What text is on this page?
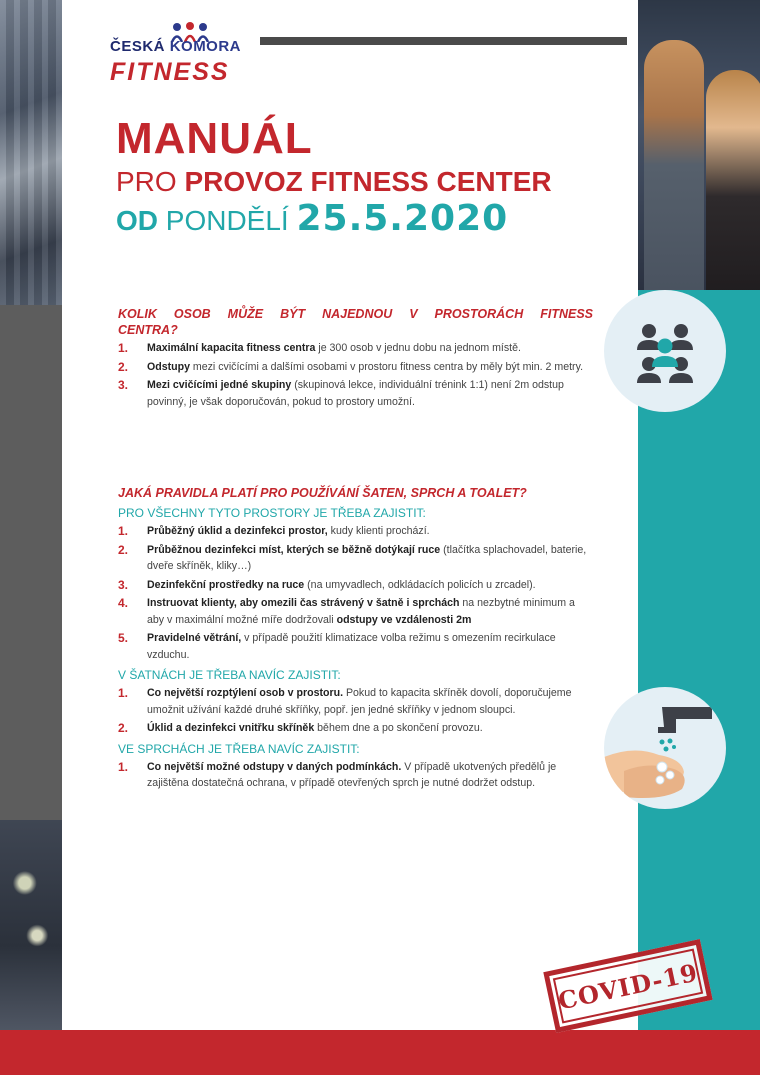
ČESKÁ KOMORA
FITNESS
MANUÁL
PRO PROVOZ FITNESS CENTER
OD PONDĚLÍ 25.5.2020
KOLIK OSOB MŮŽE BÝT NAJEDNOU V PROSTORÁCH FITNESS CENTRA?
1. Maximální kapacita fitness centra je 300 osob v jednu dobu na jednom místě.
2. Odstupy mezi cvičícími a dalšími osobami v prostoru fitness centra by měly být min. 2 metry.
3. Mezi cvičícími jedné skupiny (skupinová lekce, individuální trénink 1:1) není 2m odstup povinný, je však doporučován, pokud to prostory umožní.
JAKÁ PRAVIDLA PLATÍ PRO POUŽÍVÁNÍ ŠATEN, SPRCH A TOALET?
PRO VŠECHNY TYTO PROSTORY JE TŘEBA ZAJISTIT:
1. Průběžný úklid a dezinfekci prostor, kudy klienti prochází.
2. Průběžnou dezinfekci míst, kterých se běžně dotýkají ruce (tlačítka splachovadel, baterie, dveře skříněk, kliky…)
3. Dezinfekční prostředky na ruce (na umyvadlech, odkládacích policích u zrcadel).
4. Instruovat klienty, aby omezili čas strávený v šatně i sprchách na nezbytné minimum a aby v maximální možné míře dodržovali odstupy ve vzdálenosti 2m
5. Pravidelné větrání, v případě použití klimatizace volba režimu s omezením recirkulace vzduchu.
V ŠATNÁCH JE TŘEBA NAVÍC ZAJISTIT:
1. Co největší rozptýlení osob v prostoru. Pokud to kapacita skříněk dovolí, doporučujeme umožnit užívání každé druhé skříňky, popř. jen jedné skříňky v jednom sloupci.
2. Úklid a dezinfekci vnitřku skříněk během dne a po skončení provozu.
VE SPRCHÁCH JE TŘEBA NAVÍC ZAJISTIT:
1. Co největší možné odstupy v daných podmínkách. V případě ukotvených předělů je zajištěna dostatečná ochrana, v případě otevřených sprch je nutné dodržet odstup.
COVID-19
